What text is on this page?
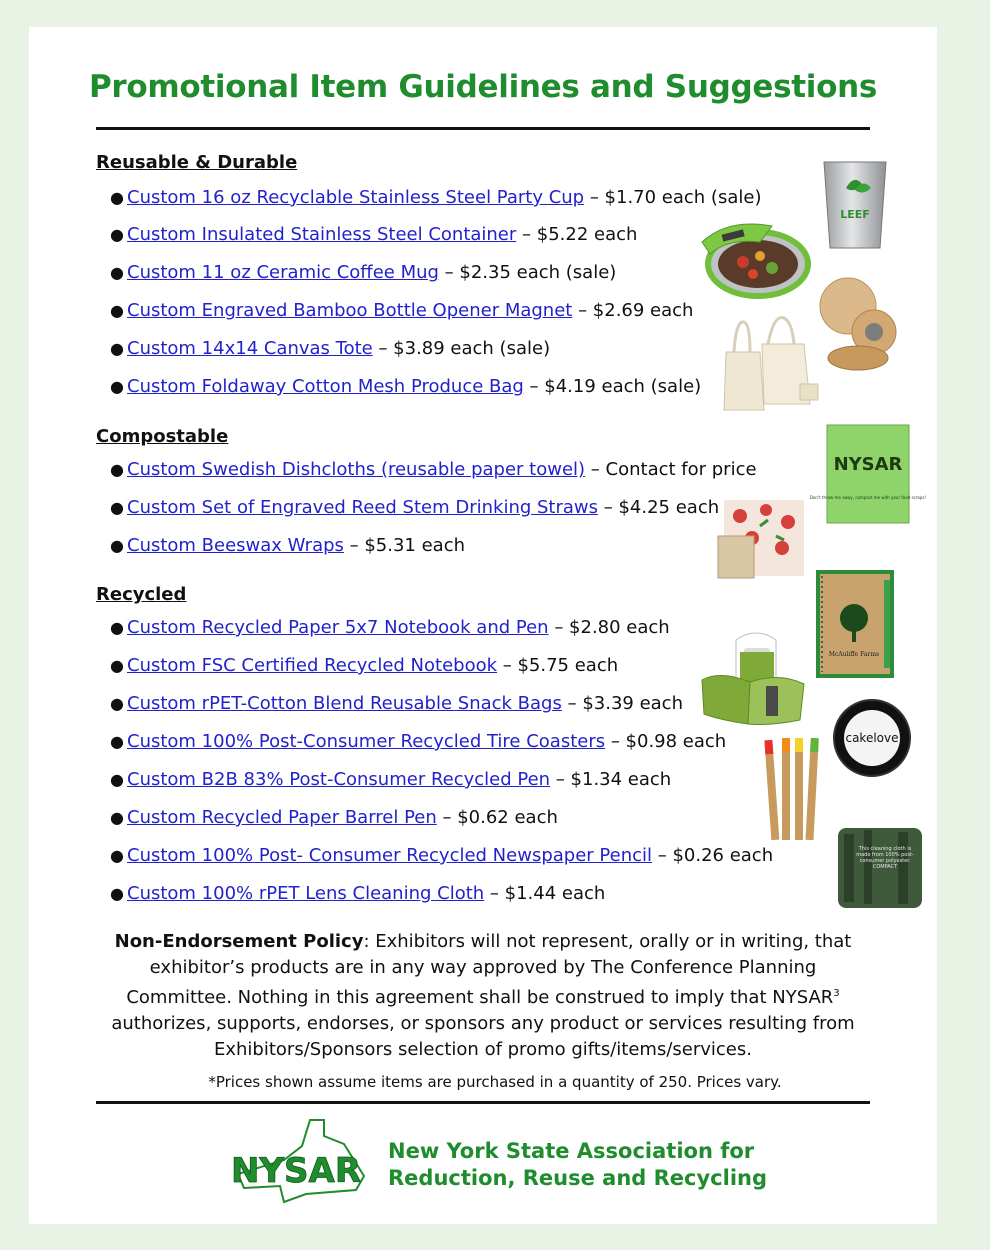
Promotional Item Guidelines and Suggestions
Reusable & Durable
● Custom 16 oz Recyclable Stainless Steel Party Cup – $1.70 each (sale)
● Custom Insulated Stainless Steel Container – $5.22 each
● Custom 11 oz Ceramic Coffee Mug – $2.35 each (sale)
● Custom Engraved Bamboo Bottle Opener Magnet – $2.69 each
● Custom 14x14 Canvas Tote – $3.89 each (sale)
● Custom Foldaway Cotton Mesh Produce Bag – $4.19 each (sale)
Compostable
● Custom Swedish Dishcloths (reusable paper towel) – Contact for price
● Custom Set of Engraved Reed Stem Drinking Straws – $4.25 each
● Custom Beeswax Wraps – $5.31 each
Recycled
● Custom Recycled Paper 5x7 Notebook and Pen – $2.80 each
● Custom FSC Certified Recycled Notebook – $5.75 each
● Custom rPET-Cotton Blend Reusable Snack Bags – $3.39 each
● Custom 100% Post-Consumer Recycled Tire Coasters – $0.98 each
● Custom B2B 83% Post-Consumer Recycled Pen – $1.34 each
● Custom Recycled Paper Barrel Pen – $0.62 each
● Custom 100% Post- Consumer Recycled Newspaper Pencil – $0.26 each
● Custom 100% rPET Lens Cleaning Cloth – $1.44 each
LEEF
NYSAR
Don't throw me away, compost me with your food scraps!
McAuliffe Farms
cakelove
This cleaning cloth is made from 100% post-consumer polyester. COMPACT
Non-Endorsement Policy: Exhibitors will not represent, orally or in writing, that exhibitor’s products are in any way approved by The Conference Planning Committee. Nothing in this agreement shall be construed to imply that NYSAR$^3$ authorizes, supports, endorses, or sponsors any product or services resulting from Exhibitors/Sponsors selection of promo gifts/items/services.
*Prices shown assume items are purchased in a quantity of 250. Prices vary.
NYSAR New York State Association for
Reduction, Reuse and Recycling
